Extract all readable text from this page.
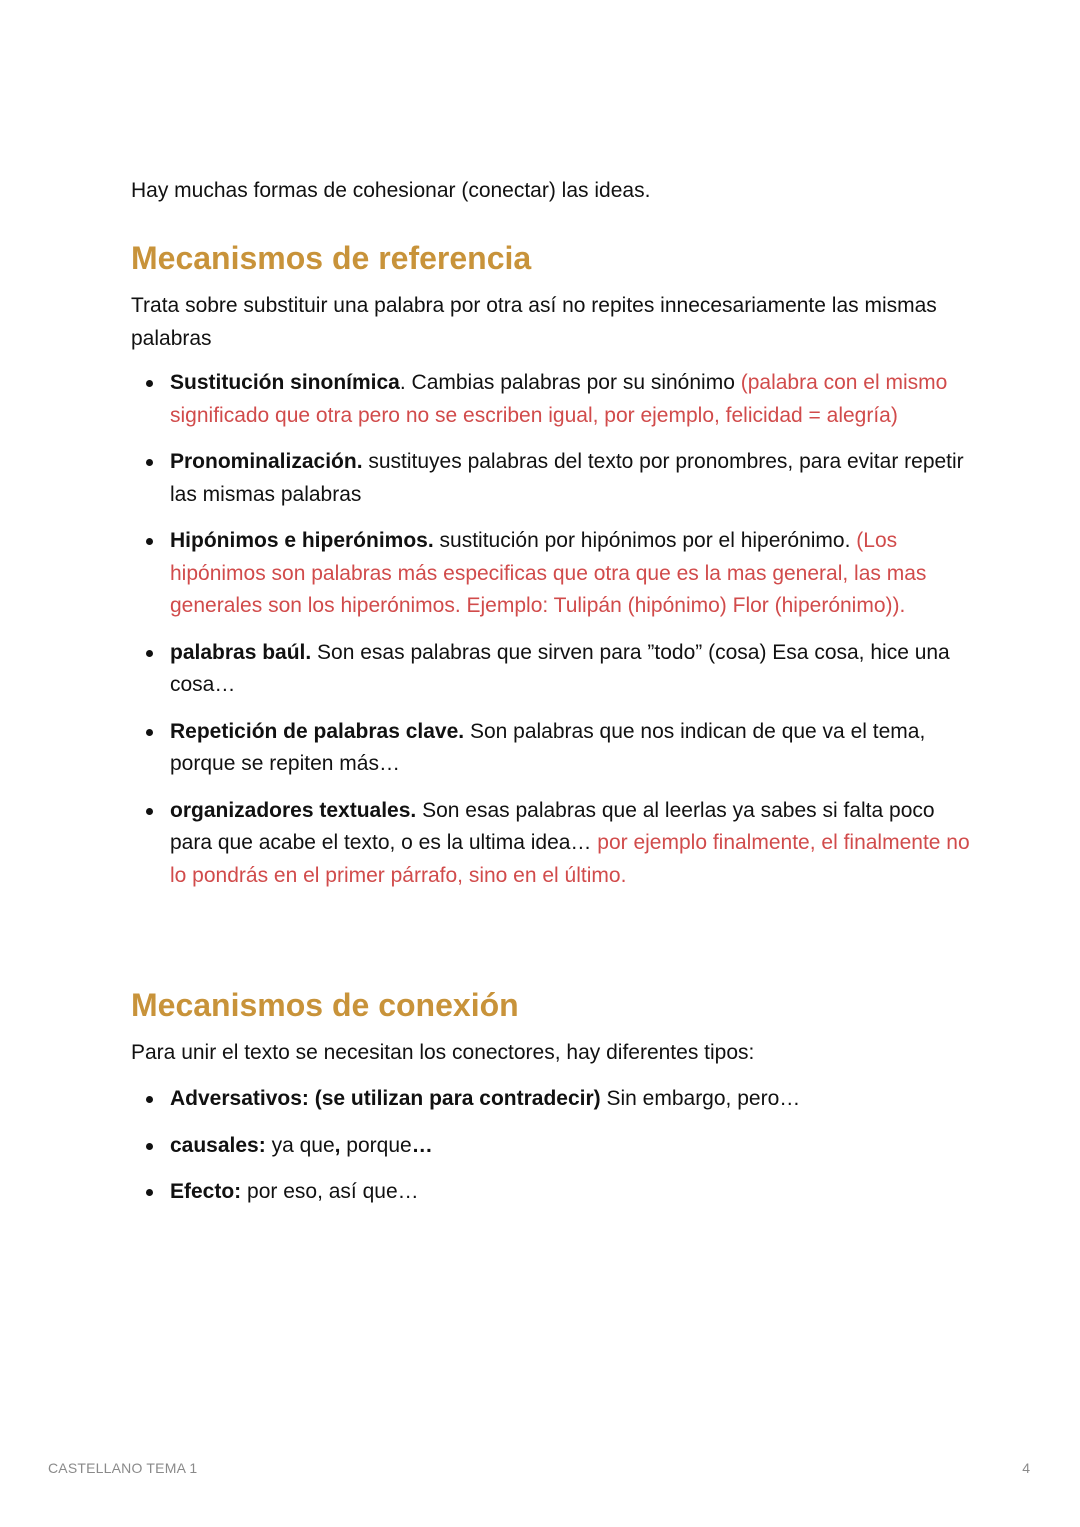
Hay muchas formas de cohesionar (conectar) las ideas.

Mecanismos de referencia

Trata sobre substituir una palabra por otra así no repites innecesariamente las mismas palabras

Sustitución sinonímica. Cambias palabras por su sinónimo (palabra con el mismo significado que otra pero no se escriben igual, por ejemplo, felicidad = alegría)
Pronominalización. sustituyes palabras del texto por pronombres, para evitar repetir las mismas palabras
Hipónimos e hiperónimos. sustitución por hipónimos por el hiperónimo. (Los hipónimos son palabras más especificas que otra que es la mas general, las mas generales son los hiperónimos. Ejemplo: Tulipán (hipónimo) Flor (hiperónimo)).
palabras baúl. Son esas palabras que sirven para ”todo” (cosa) Esa cosa, hice una cosa…
Repetición de palabras clave. Son palabras que nos indican de que va el tema, porque se repiten más…
organizadores textuales. Son esas palabras que al leerlas ya sabes si falta poco para que acabe el texto, o es la ultima idea… por ejemplo finalmente, el finalmente no lo pondrás en el primer párrafo, sino en el último.
Mecanismos de conexión

Para unir el texto se necesitan los conectores, hay diferentes tipos:

Adversativos: (se utilizan para contradecir) Sin embargo, pero…
causales: ya que, porque…
Efecto: por eso, así que…
CASTELLANO TEMA 1	4
